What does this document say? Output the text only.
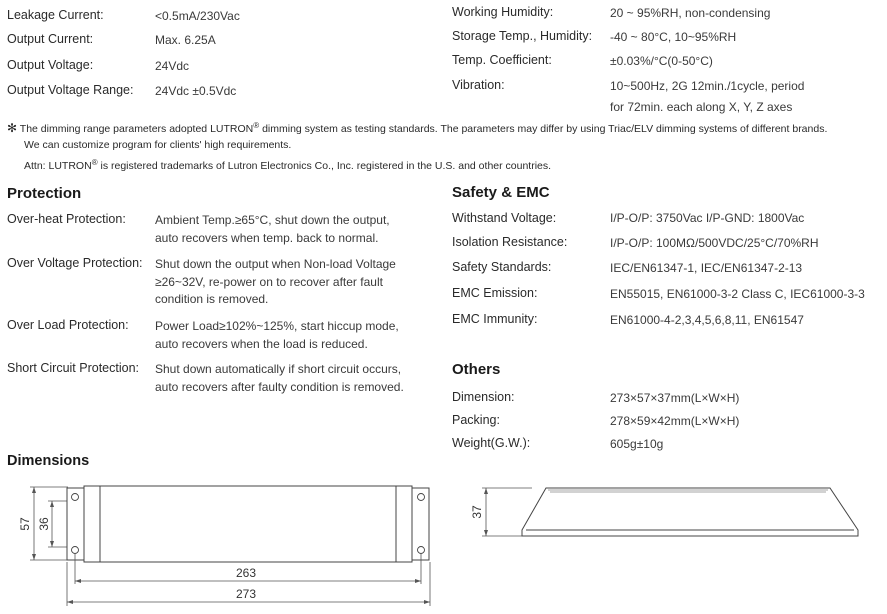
Leakage Current:	<0.5mA/230Vac
Output Current:	Max. 6.25A
Output Voltage:	24Vdc
Output Voltage Range: 24Vdc ±0.5Vdc
Working Humidity:	20 ~ 95%RH, non-condensing
Storage Temp., Humidity: -40 ~ 80°C, 10~95%RH
Temp. Coefficient:	±0.03%/°C(0-50°C)
Vibration:	10~500Hz, 2G 12min./1cycle, period
for 72min. each along X, Y, Z axes
✻ The dimming range parameters adopted LUTRON® dimming system as testing standards. The parameters may differ by using Triac/ELV dimming systems of different brands.
We can customize program for clients' high requirements.
Attn: LUTRON® is registered trademarks of Lutron Electronics Co., Inc. registered in the U.S. and other countries.
Protection
Over-heat Protection: Ambient Temp.≥65°C, shut down the output,
auto recovers when temp. back to normal.
Over Voltage Protection: Shut down the output when Non-load Voltage
≥26~32V, re-power on to recover after fault
condition is removed.
Over Load Protection: Power Load≥102%~125%, start hiccup mode,
auto recovers when the load is reduced.
Short Circuit Protection: Shut down automatically if short circuit occurs,
auto recovers after faulty condition is removed.
Safety & EMC
Withstand Voltage:	I/P-O/P: 3750Vac I/P-GND: 1800Vac
Isolation Resistance:	I/P-O/P: 100MΩ/500VDC/25°C/70%RH
Safety Standards:	IEC/EN61347-1, IEC/EN61347-2-13
EMC Emission:	EN55015, EN61000-3-2 Class C, IEC61000-3-3
EMC Immunity:	EN61000-4-2,3,4,5,6,8,11, EN61547
Others
Dimension:	273×57×37mm(L×W×H)
Packing:	278×59×42mm(L×W×H)
Weight(G.W.):	605g±10g
Dimensions
57 36
263
273
37
